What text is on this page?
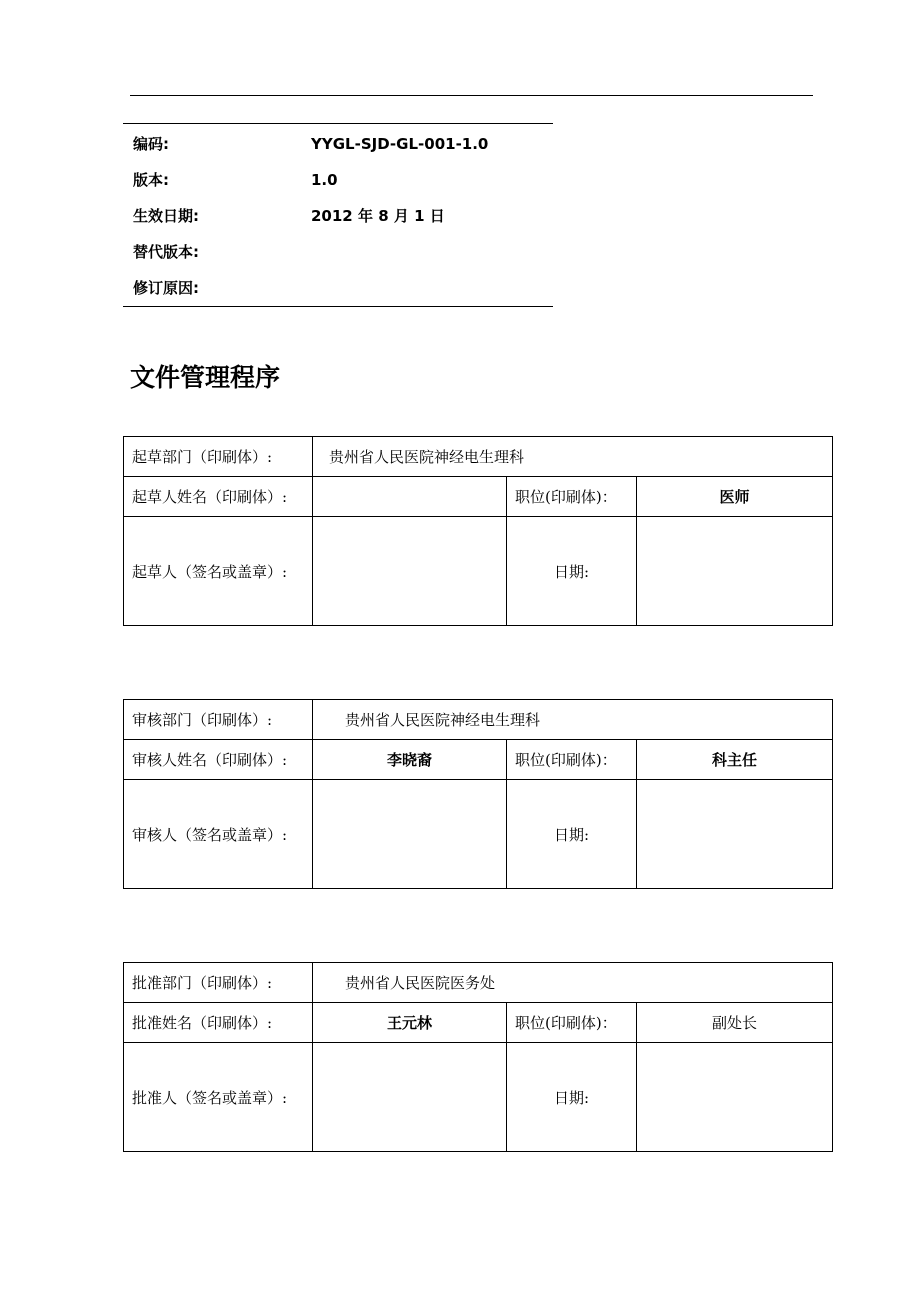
编码:	YYGL-SJD-GL-001-1.0
版本:	1.0
生效日期:	2012 年 8 月 1 日
替代版本:
修订原因:
文件管理程序
起草部门（印刷体）:	贵州省人民医院神经电生理科		
起草人姓名（印刷体）:		职位(印刷体)：	医师
起草人（签名或盖章）:		日期:	
审核部门（印刷体）:	贵州省人民医院神经电生理科		
审核人姓名（印刷体）:	李晓裔	职位(印刷体)：	科主任
审核人（签名或盖章）:		日期:	
批准部门（印刷体）:	贵州省人民医院医务处		
批准姓名（印刷体）:	王元林	职位(印刷体)：	副处长
批准人（签名或盖章）:		日期:	
